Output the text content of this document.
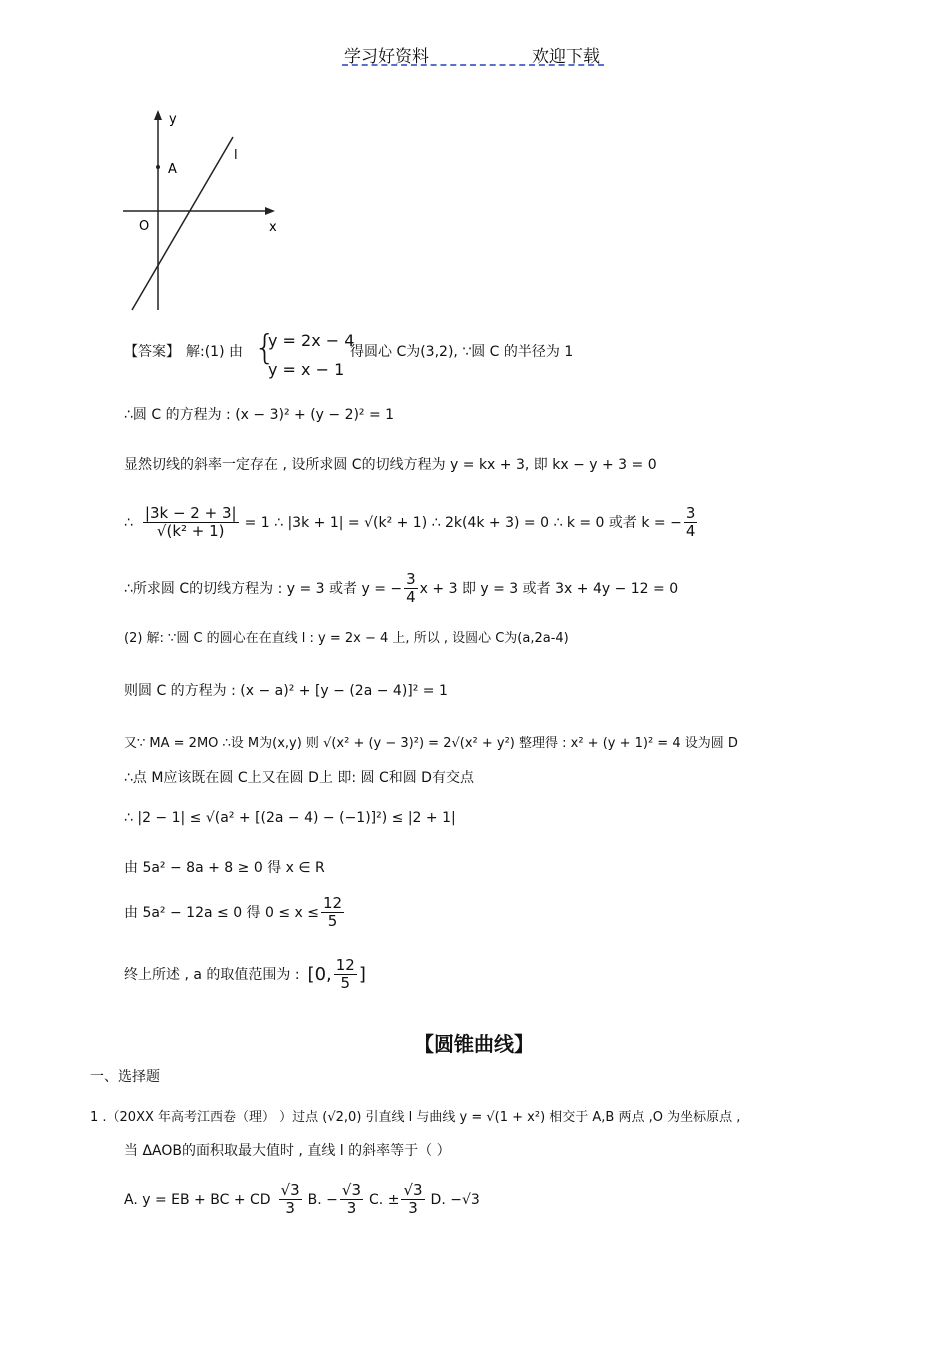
学习好资料	欢迎下载
y
A
l
O	x
【答案】 解:(1) 由 {
y = 2x − 4
y = x − 1
得圆心 C为(3,2), ∵圆 C 的半径为 1
∴圆 C 的方程为 : (x − 3)² + (y − 2)² = 1
显然切线的斜率一定存在 , 设所求圆 C的切线方程为 y = kx + 3, 即 kx − y + 3 = 0
∴ $\frac{|3k - 2 + 3|}{\text{√(k² + 1)}} = 1$ ∴ |3k + 1| = √(k² + 1) ∴ 2k(4k + 3) = 0 ∴ k = 0 或者 k = − $\frac{3}{4}$
∴所求圆 C的切线方程为 : y = 3 或者 y = − $\frac{3}{4}$ x + 3 即 y = 3 或者 3x + 4y − 12 = 0
(2) 解: ∵圆 C 的圆心在在直线 l : y = 2x − 4 上, 所以 , 设圆心 C为(a,2a-4)
则圆 C 的方程为 : (x − a)² + [y − (2a − 4)]² = 1
又∵ MA = 2MO ∴设 M为(x,y) 则 √(x² + (y − 3)²) = 2√(x² + y²) 整理得 : x² + (y + 1)² = 4 设为圆 D
∴点 M应该既在圆 C上又在圆 D上 即: 圆 C和圆 D有交点
∴ |2 − 1| ≤ √(a² + [(2a − 4) − (−1)]²) ≤ |2 + 1|
由 5a² − 8a + 8 ≥ 0 得 x ∈ R
由 5a² − 12a ≤ 0 得 $0 \le x \le \frac{12}{5}$
终上所述 , a 的取值范围为 : [0, $\frac{12}{5}$ ]
【圆锥曲线】
一、选择题
1 .（20XX 年高考江西卷（理） ）过点 (√2,0) 引直线 l 与曲线 y = √(1 + x²) 相交于 A,B 两点 ,O 为坐标原点 ,
当 ΔAOB的面积取最大值时 , 直线 l 的斜率等于（ ）
A. y = EB + BC + CD $\frac{√3}{3} B$. − $\frac{√3}{3} C$. ± $\frac{√3}{3} D$. −√3
